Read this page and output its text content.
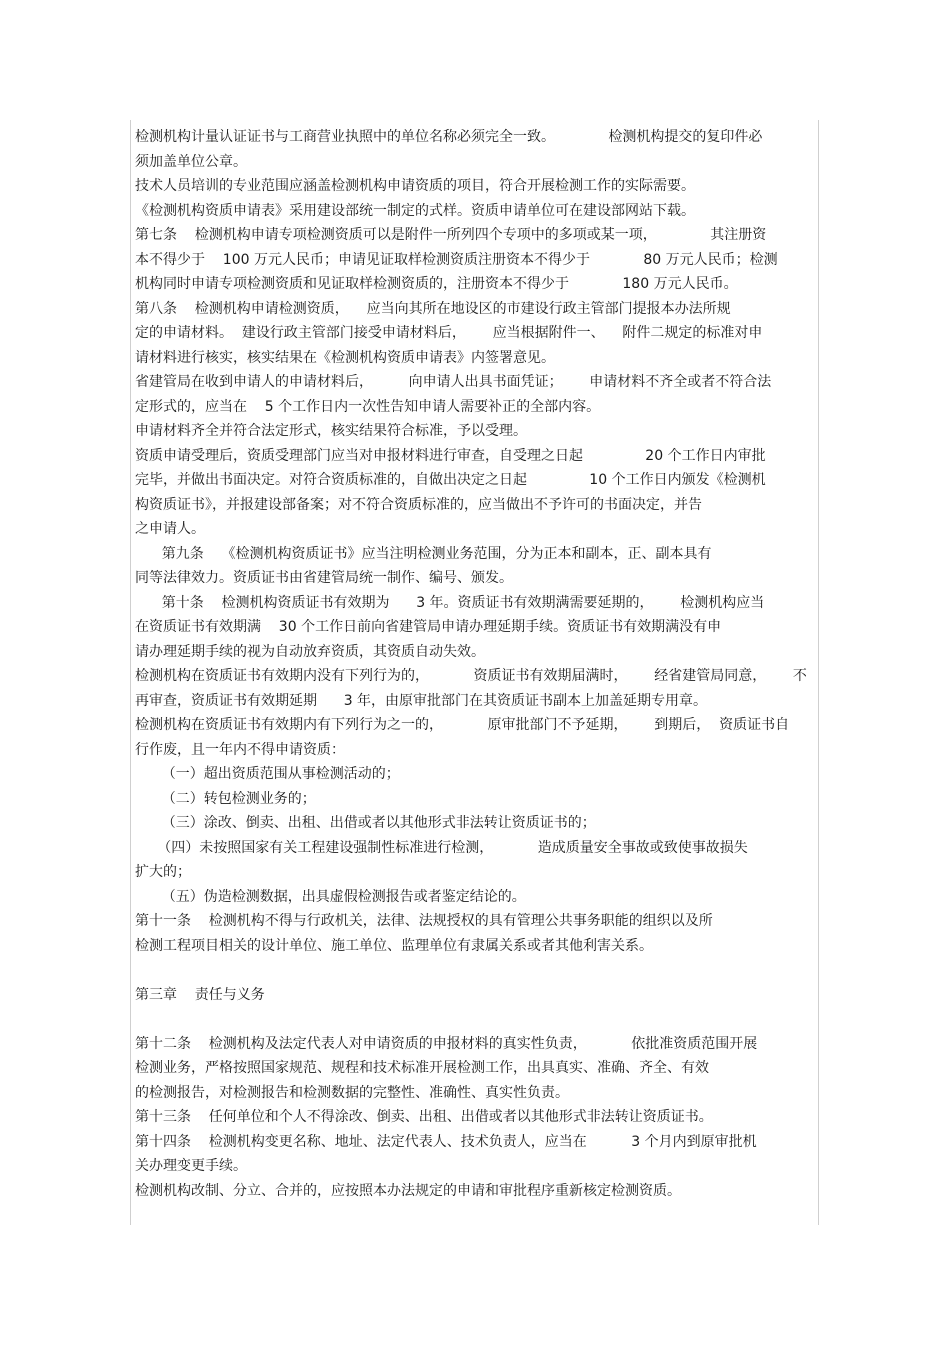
检测机构计量认证证书与工商营业执照中的单位名称必须完全一致。            检测机构提交的复印件必
须加盖单位公章。
技术人员培训的专业范围应涵盖检测机构申请资质的项目，符合开展检测工作的实际需要。
《检测机构资质申请表》采用建设部统一制定的式样。资质申请单位可在建设部网站下载。
第七条    检测机构申请专项检测资质可以是附件一所列四个专项中的多项或某一项，            其注册资
本不得少于    100 万元人民币；申请见证取样检测资质注册资本不得少于            80 万元人民币；检测
机构同时申请专项检测资质和见证取样检测资质的，注册资本不得少于            180 万元人民币。
第八条    检测机构申请检测资质，    应当向其所在地设区的市建设行政主管部门提报本办法所规
定的申请材料。  建设行政主管部门接受申请材料后，      应当根据附件一、    附件二规定的标准对申
请材料进行核实，核实结果在《检测机构资质申请表》内签署意见。
省建管局在收到申请人的申请材料后，        向申请人出具书面凭证；      申请材料不齐全或者不符合法
定形式的，应当在    5 个工作日内一次性告知申请人需要补正的全部内容。
申请材料齐全并符合法定形式，核实结果符合标准，予以受理。
资质申请受理后，资质受理部门应当对申报材料进行审查，自受理之日起              20 个工作日内审批
完毕，并做出书面决定。对符合资质标准的，自做出决定之日起              10 个工作日内颁发《检测机
构资质证书》，并报建设部备案；对不符合资质标准的，应当做出不予许可的书面决定，并告
之申请人。
第九条    《检测机构资质证书》应当注明检测业务范围，分为正本和副本，正、副本具有
同等法律效力。资质证书由省建管局统一制作、编号、颁发。
第十条    检测机构资质证书有效期为      3 年。资质证书有效期满需要延期的，      检测机构应当
在资质证书有效期满    30 个工作日前向省建管局申请办理延期手续。资质证书有效期满没有申
请办理延期手续的视为自动放弃资质，其资质自动失效。
检测机构在资质证书有效期内没有下列行为的，          资质证书有效期届满时，      经省建管局同意，      不
再审查，资质证书有效期延期      3 年，由原审批部门在其资质证书副本上加盖延期专用章。
检测机构在资质证书有效期内有下列行为之一的，          原审批部门不予延期，      到期后，  资质证书自
行作废，且一年内不得申请资质：
（一）超出资质范围从事检测活动的；
（二）转包检测业务的；
（三）涂改、倒卖、出租、出借或者以其他形式非法转让资质证书的；
（四）未按照国家有关工程建设强制性标准进行检测，          造成质量安全事故或致使事故损失
扩大的；
（五）伪造检测数据，出具虚假检测报告或者鉴定结论的。
第十一条    检测机构不得与行政机关，法律、法规授权的具有管理公共事务职能的组织以及所
检测工程项目相关的设计单位、施工单位、监理单位有隶属关系或者其他利害关系。
第三章    责任与义务
第十二条    检测机构及法定代表人对申请资质的申报材料的真实性负责，          依批准资质范围开展
检测业务，严格按照国家规范、规程和技术标准开展检测工作，出具真实、准确、齐全、有效
的检测报告，对检测报告和检测数据的完整性、准确性、真实性负责。
第十三条    任何单位和个人不得涂改、倒卖、出租、出借或者以其他形式非法转让资质证书。
第十四条    检测机构变更名称、地址、法定代表人、技术负责人，应当在          3 个月内到原审批机
关办理变更手续。
检测机构改制、分立、合并的，应按照本办法规定的申请和审批程序重新核定检测资质。
